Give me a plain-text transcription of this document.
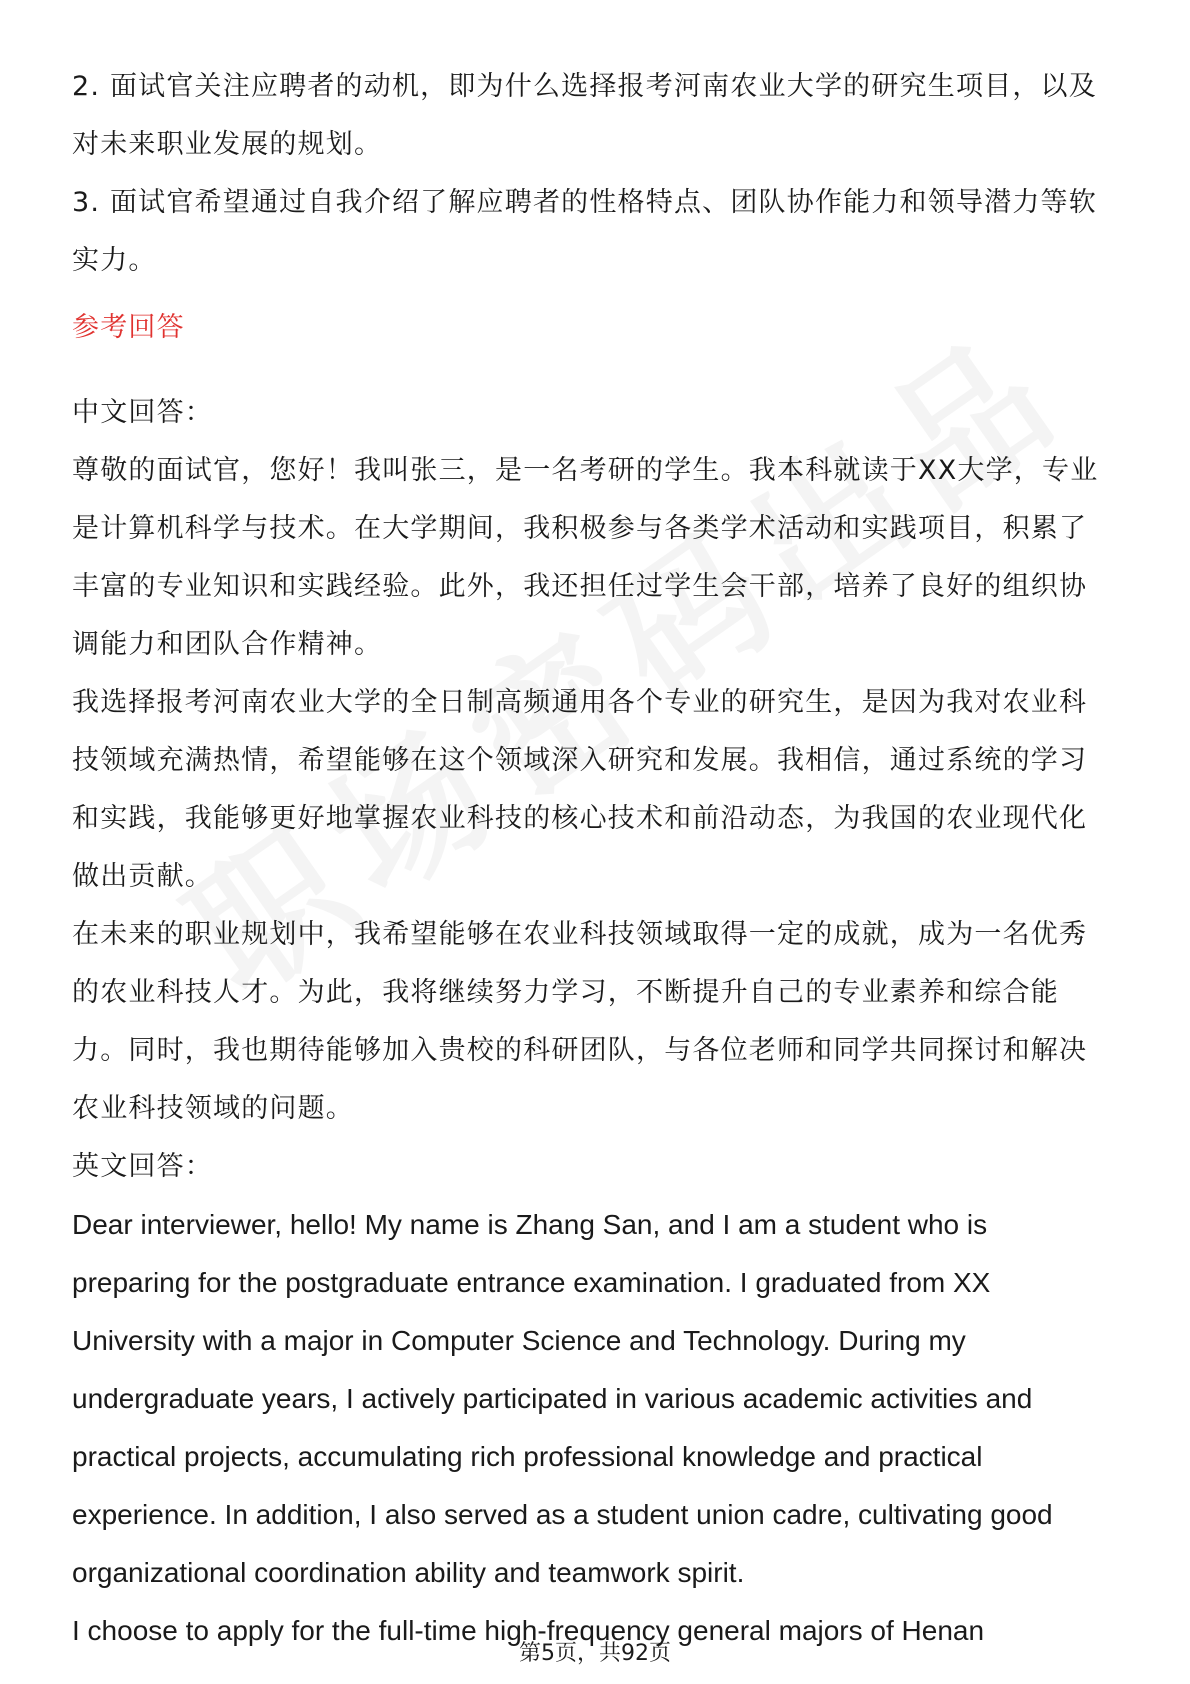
2. 面试官关注应聘者的动机，即为什么选择报考河南农业大学的研究生项目，以及

对未来职业发展的规划。

3. 面试官希望通过自我介绍了解应聘者的性格特点、团队协作能力和领导潜力等软

实力。

参考回答

中文回答：

尊敬的面试官，您好！我叫张三，是一名考研的学生。我本科就读于XX大学，专业

是计算机科学与技术。在大学期间，我积极参与各类学术活动和实践项目，积累了

丰富的专业知识和实践经验。此外，我还担任过学生会干部，培养了良好的组织协

调能力和团队合作精神。

我选择报考河南农业大学的全日制高频通用各个专业的研究生，是因为我对农业科

技领域充满热情，希望能够在这个领域深入研究和发展。我相信，通过系统的学习

和实践，我能够更好地掌握农业科技的核心技术和前沿动态，为我国的农业现代化

做出贡献。

在未来的职业规划中，我希望能够在农业科技领域取得一定的成就，成为一名优秀

的农业科技人才。为此，我将继续努力学习，不断提升自己的专业素养和综合能

力。同时，我也期待能够加入贵校的科研团队，与各位老师和同学共同探讨和解决

农业科技领域的问题。

英文回答：

Dear interviewer, hello! My name is Zhang San, and I am a student who is

preparing for the postgraduate entrance examination. I graduated from XX

University with a major in Computer Science and Technology. During my

undergraduate years, I actively participated in various academic activities and

practical projects, accumulating rich professional knowledge and practical

experience. In addition, I also served as a student union cadre, cultivating good

organizational coordination ability and teamwork spirit.

I choose to apply for the full-time high-frequency general majors of Henan

第5页，共92页
